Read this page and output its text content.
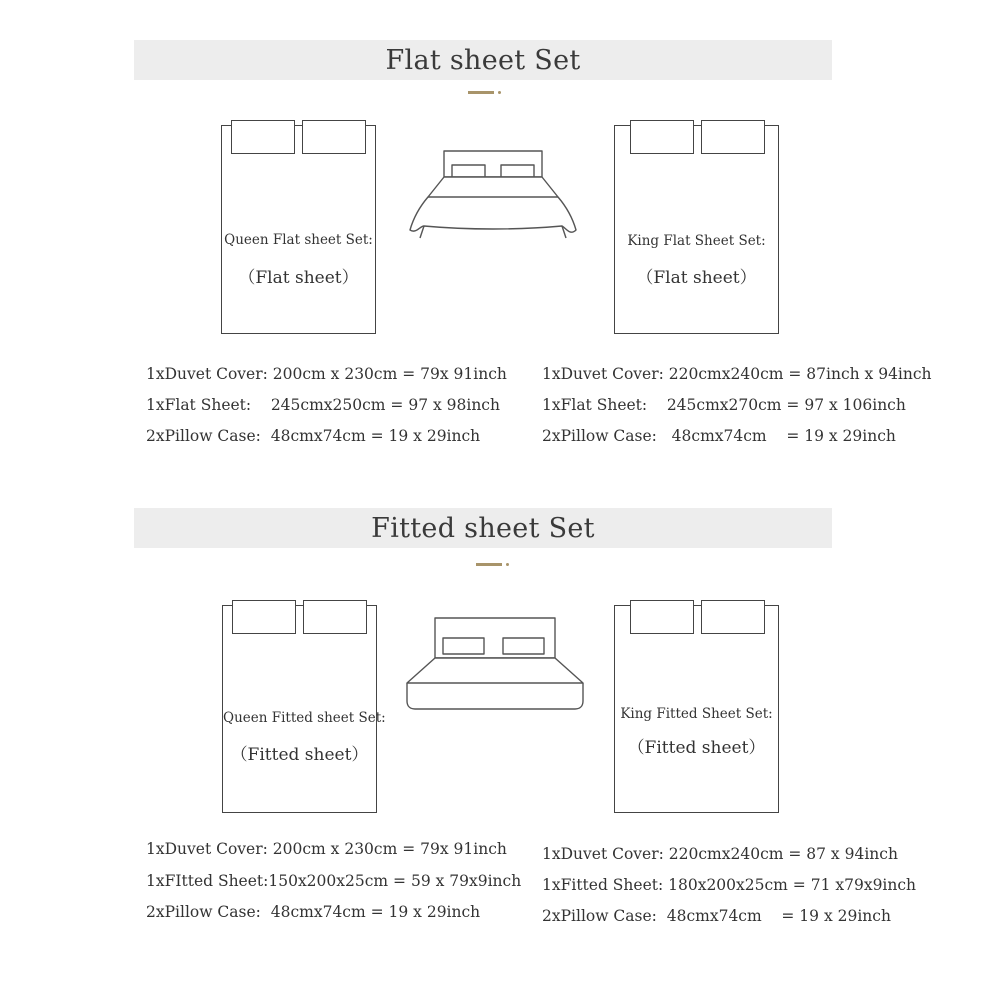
Flat sheet Set
Queen Flat sheet Set:
（Flat sheet）
King Flat Sheet Set:
（Flat sheet）
1xDuvet Cover: 200cm x 230cm = 79x 91inch
1xFlat Sheet:    245cmx250cm = 97 x 98inch
2xPillow Case:  48cmx74cm = 19 x 29inch
1xDuvet Cover: 220cmx240cm = 87inch x 94inch
1xFlat Sheet:    245cmx270cm = 97 x 106inch
2xPillow Case:   48cmx74cm    = 19 x 29inch
Fitted sheet Set
Queen Fitted sheet Set:
（Fitted sheet）
King Fitted Sheet Set:
（Fitted sheet）
1xDuvet Cover: 200cm x 230cm = 79x 91inch
1xFItted Sheet:150x200x25cm = 59 x 79x9inch
2xPillow Case:  48cmx74cm = 19 x 29inch
1xDuvet Cover: 220cmx240cm = 87 x 94inch
1xFitted Sheet: 180x200x25cm = 71 x79x9inch
2xPillow Case:  48cmx74cm    = 19 x 29inch
